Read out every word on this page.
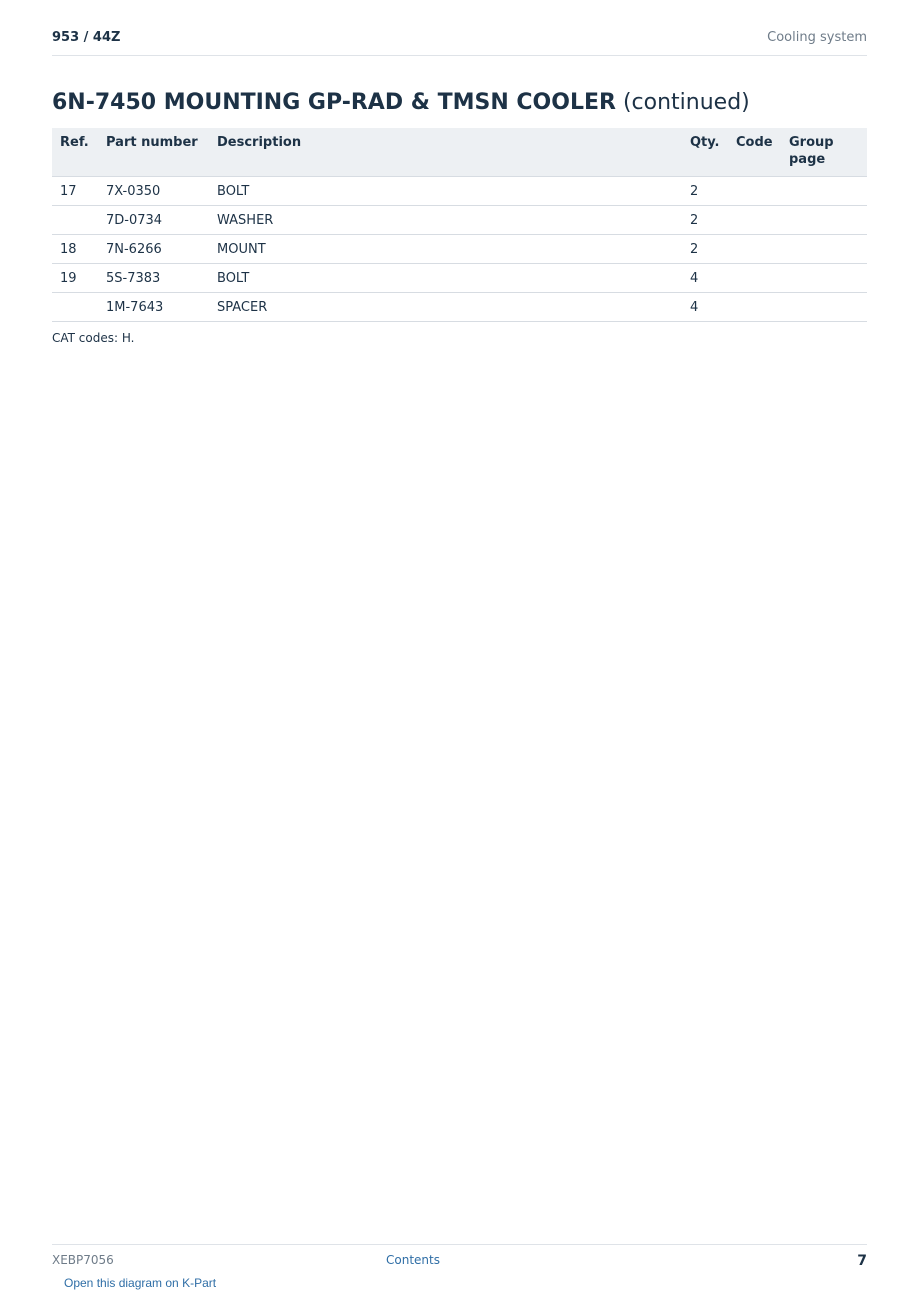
953 / 44Z	Cooling system
6N-7450 MOUNTING GP-RAD & TMSN COOLER (continued)
Ref.	Part number	Description	Qty.	Code	Group page
17	7X-0350	BOLT	2		
	7D-0734	WASHER	2		
18	7N-6266	MOUNT	2		
19	5S-7383	BOLT	4		
	1M-7643	SPACER	4		
CAT codes: H.
XEBP7056	Contents	7
Open this diagram on K-Part
